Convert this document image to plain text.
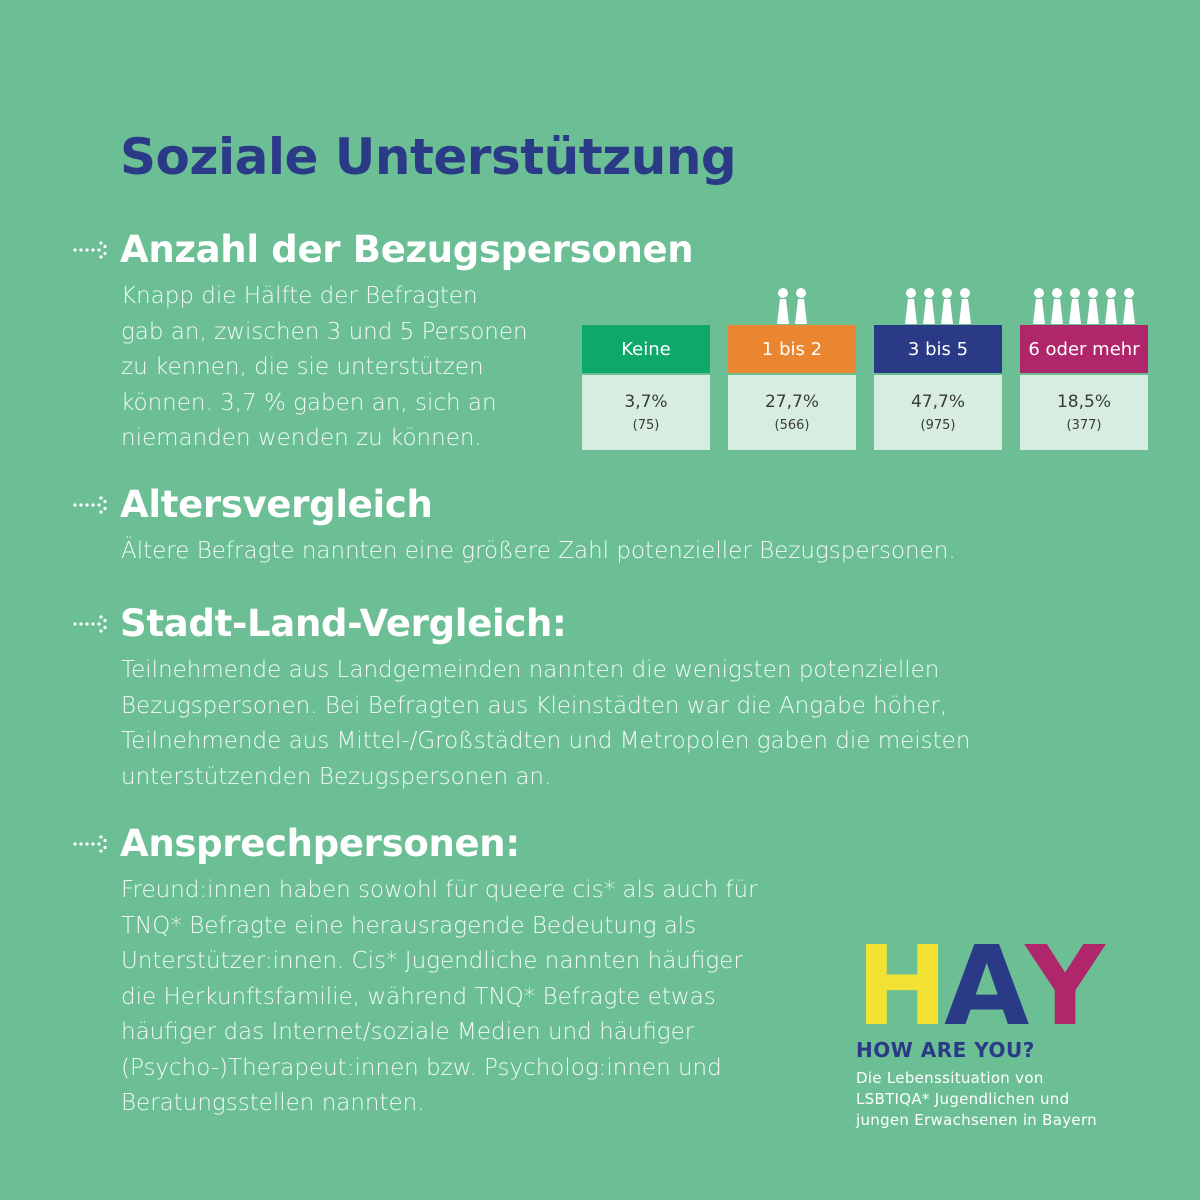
Soziale Unterstützung
Anzahl der Bezugspersonen
Knapp die Hälfte der Befragten
gab an, zwischen 3 und 5 Personen
zu kennen, die sie unterstützen
können. 3,7 % gaben an, sich an
niemanden wenden zu können.
Keine
3,7%
(75)
1 bis 2
27,7%
(566)
3 bis 5
47,7%
(975)
6 oder mehr
18,5%
(377)
Altersvergleich
Ältere Befragte nannten eine größere Zahl potenzieller Bezugspersonen.
Stadt-Land-Vergleich:
Teilnehmende aus Landgemeinden nannten die wenigsten potenziellen
Bezugspersonen. Bei Befragten aus Kleinstädten war die Angabe höher,
Teilnehmende aus Mittel-/Großstädten und Metropolen gaben die meisten
unterstützenden Bezugspersonen an.
Ansprechpersonen:
Freund:innen haben sowohl für queere cis* als auch für
TNQ* Befragte eine herausragende Bedeutung als
Unterstützer:innen. Cis* Jugendliche nannten häufiger
die Herkunftsfamilie, während TNQ* Befragte etwas
häufiger das Internet/soziale Medien und häufiger
(Psycho-)Therapeut:innen bzw. Psycholog:innen und
Beratungsstellen nannten.
H A Y
HOW ARE YOU?
Die Lebenssituation von
LSBTIQA* Jugendlichen und
jungen Erwachsenen in Bayern
